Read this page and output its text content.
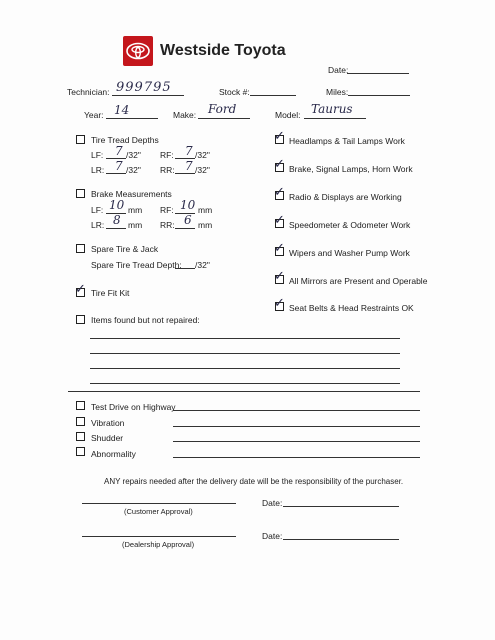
Westside Toyota
Date:
Technician: 999795	Stock #:	Miles:
Year: 14	Make: Ford	Model: Taurus
Tire Tread Depths
LF: 7 /32" RF: 7 /32"
LR: 7 /32" RR: 7 /32"
Brake Measurements
LF: 10 mm RF: 10 mm
LR: 8 mm RR: 6 mm
Spare Tire & Jack
Spare Tire Tread Depth: /32"
✓ Tire Fit Kit
Items found but not repaired:
✓ Headlamps & Tail Lamps Work
✓ Brake, Signal Lamps, Horn Work
✓ Radio & Displays are Working
✓ Speedometer & Odometer Work
✓ Wipers and Washer Pump Work
✓ All Mirrors are Present and Operable
✓ Seat Belts & Head Restraints OK
Test Drive on Highway
Vibration
Shudder
Abnormality
ANY repairs needed after the delivery date will be the responsibility of the purchaser.
(Customer Approval)
Date:
(Dealership Approval)
Date:
